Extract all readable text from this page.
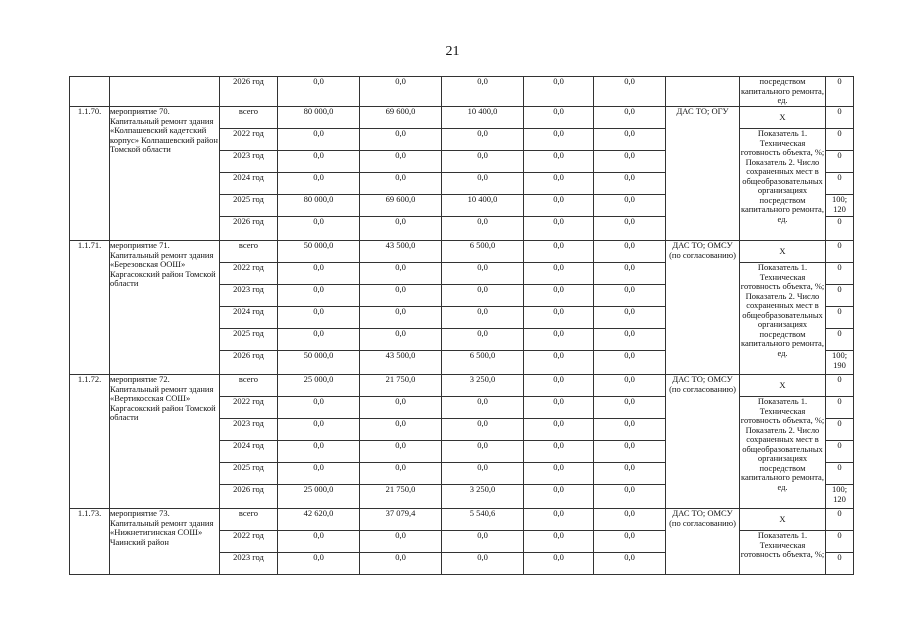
21
		2026 год	0,0	0,0	0,0	0,0	0,0		посредством капитального ремонта, ед.	0
1.1.70.	мероприятие 70. Капитальный ремонт здания «Колпашевский кадетский корпус» Колпашевский район Томской области	всего	80 000,0	69 600,0	10 400,0	0,0	0,0	ДАС ТО; ОГУ	X	0
		2022 год	0,0	0,0	0,0	0,0	0,0		Показатель 1. Техническая готовность объекта, %; Показатель 2. Число сохраненных мест в общеобразовательных организациях посредством капитального ремонта, ед.	0
		2023 год	0,0	0,0	0,0	0,0	0,0			0
		2024 год	0,0	0,0	0,0	0,0	0,0			0
		2025 год	80 000,0	69 600,0	10 400,0	0,0	0,0			100; 120
		2026 год	0,0	0,0	0,0	0,0	0,0			0
1.1.71.	мероприятие 71. Капитальный ремонт здания «Березовская ООШ» Каргасокский район Томской области	всего	50 000,0	43 500,0	6 500,0	0,0	0,0	ДАС ТО; ОМСУ (по согласованию)	X	0
		2022 год	0,0	0,0	0,0	0,0	0,0		Показатель 1. Техническая готовность объекта, %; Показатель 2. Число сохраненных мест в общеобразовательных организациях посредством капитального ремонта, ед.	0
		2023 год	0,0	0,0	0,0	0,0	0,0			0
		2024 год	0,0	0,0	0,0	0,0	0,0			0
		2025 год	0,0	0,0	0,0	0,0	0,0			0
		2026 год	50 000,0	43 500,0	6 500,0	0,0	0,0			100; 190
1.1.72.	мероприятие 72. Капитальный ремонт здания «Вертикосская СОШ» Каргасокский район Томской области	всего	25 000,0	21 750,0	3 250,0	0,0	0,0	ДАС ТО; ОМСУ (по согласованию)	X	0
		2022 год	0,0	0,0	0,0	0,0	0,0		Показатель 1. Техническая готовность объекта, %; Показатель 2. Число сохраненных мест в общеобразовательных организациях посредством капитального ремонта, ед.	0
		2023 год	0,0	0,0	0,0	0,0	0,0			0
		2024 год	0,0	0,0	0,0	0,0	0,0			0
		2025 год	0,0	0,0	0,0	0,0	0,0			0
		2026 год	25 000,0	21 750,0	3 250,0	0,0	0,0			100; 120
1.1.73.	мероприятие 73. Капитальный ремонт здания «Нижнетигинская СОШ» Чаинский район	всего	42 620,0	37 079,4	5 540,6	0,0	0,0	ДАС ТО; ОМСУ (по согласованию)	X	0
		2022 год	0,0	0,0	0,0	0,0	0,0		Показатель 1. Техническая готовность объекта, %;	0
		2023 год	0,0	0,0	0,0	0,0	0,0			0
